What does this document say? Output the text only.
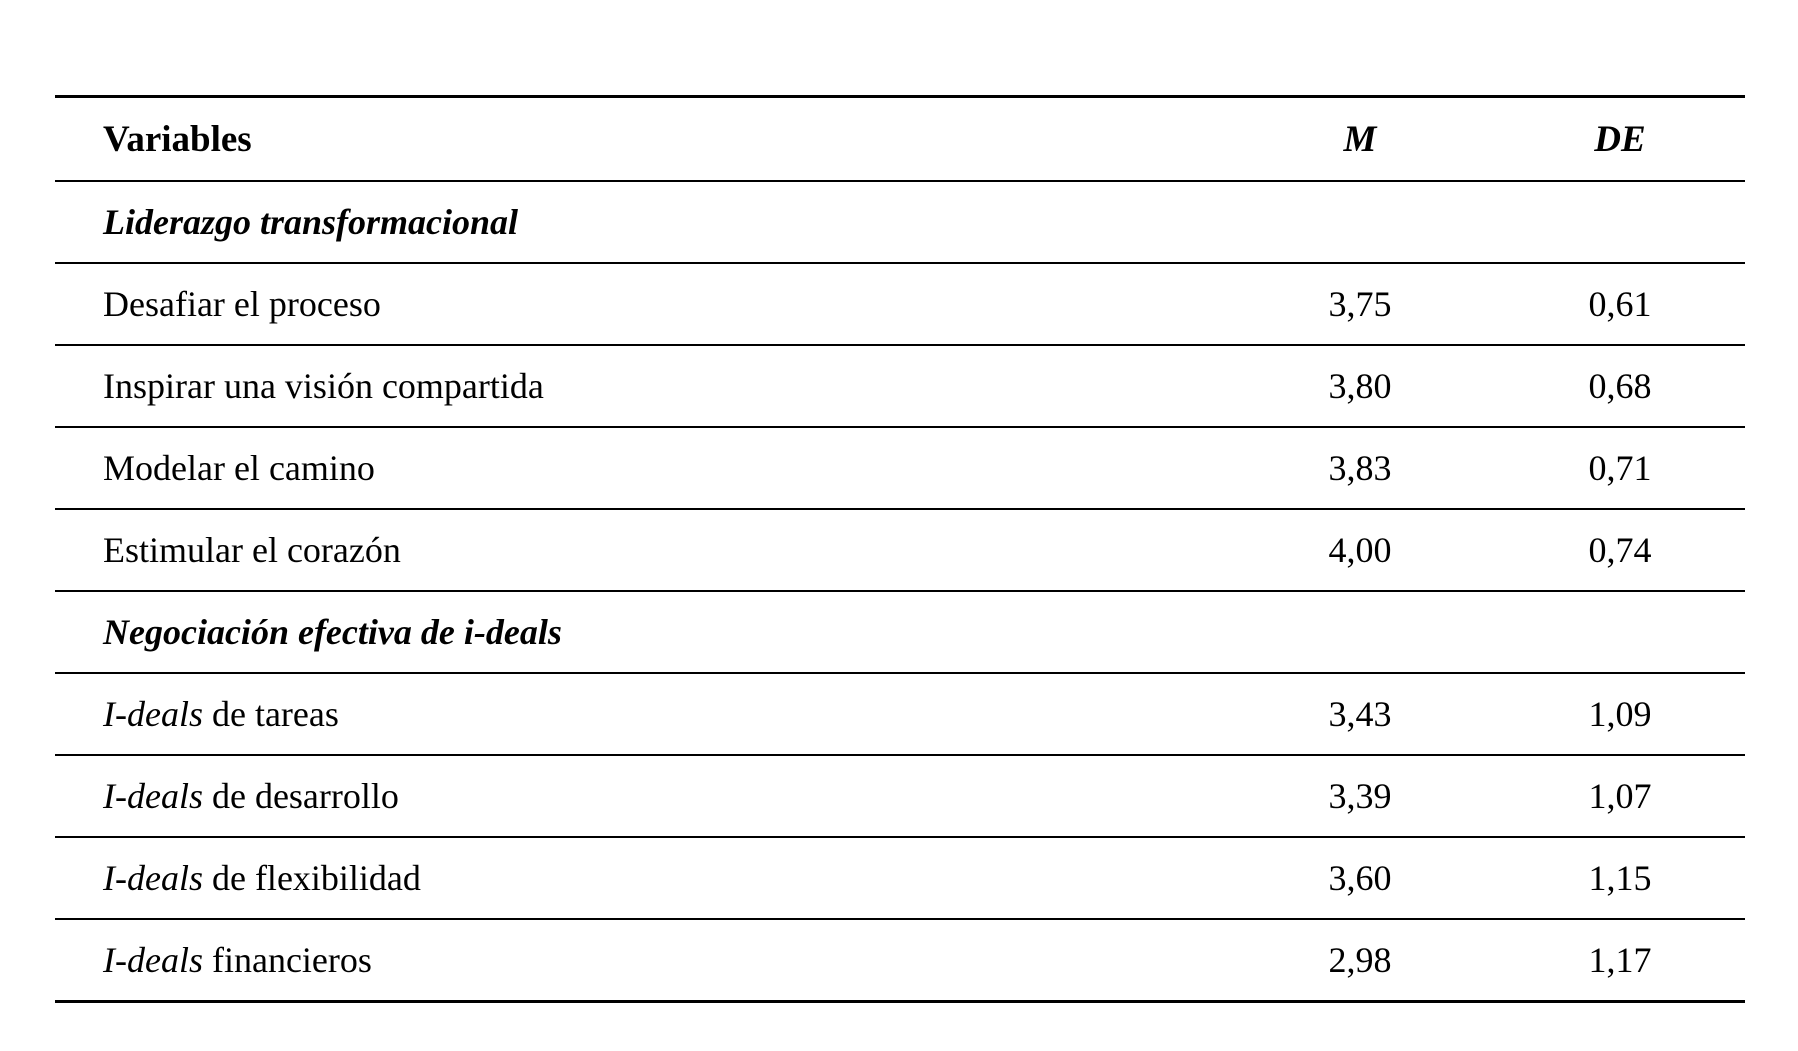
Variables	M	DE
Liderazgo transformacional		
Desafiar el proceso	3,75	0,61
Inspirar una visión compartida	3,80	0,68
Modelar el camino	3,83	0,71
Estimular el corazón	4,00	0,74
Negociación efectiva de i-deals		
I-deals de tareas	3,43	1,09
I-deals de desarrollo	3,39	1,07
I-deals de flexibilidad	3,60	1,15
I-deals financieros	2,98	1,17
